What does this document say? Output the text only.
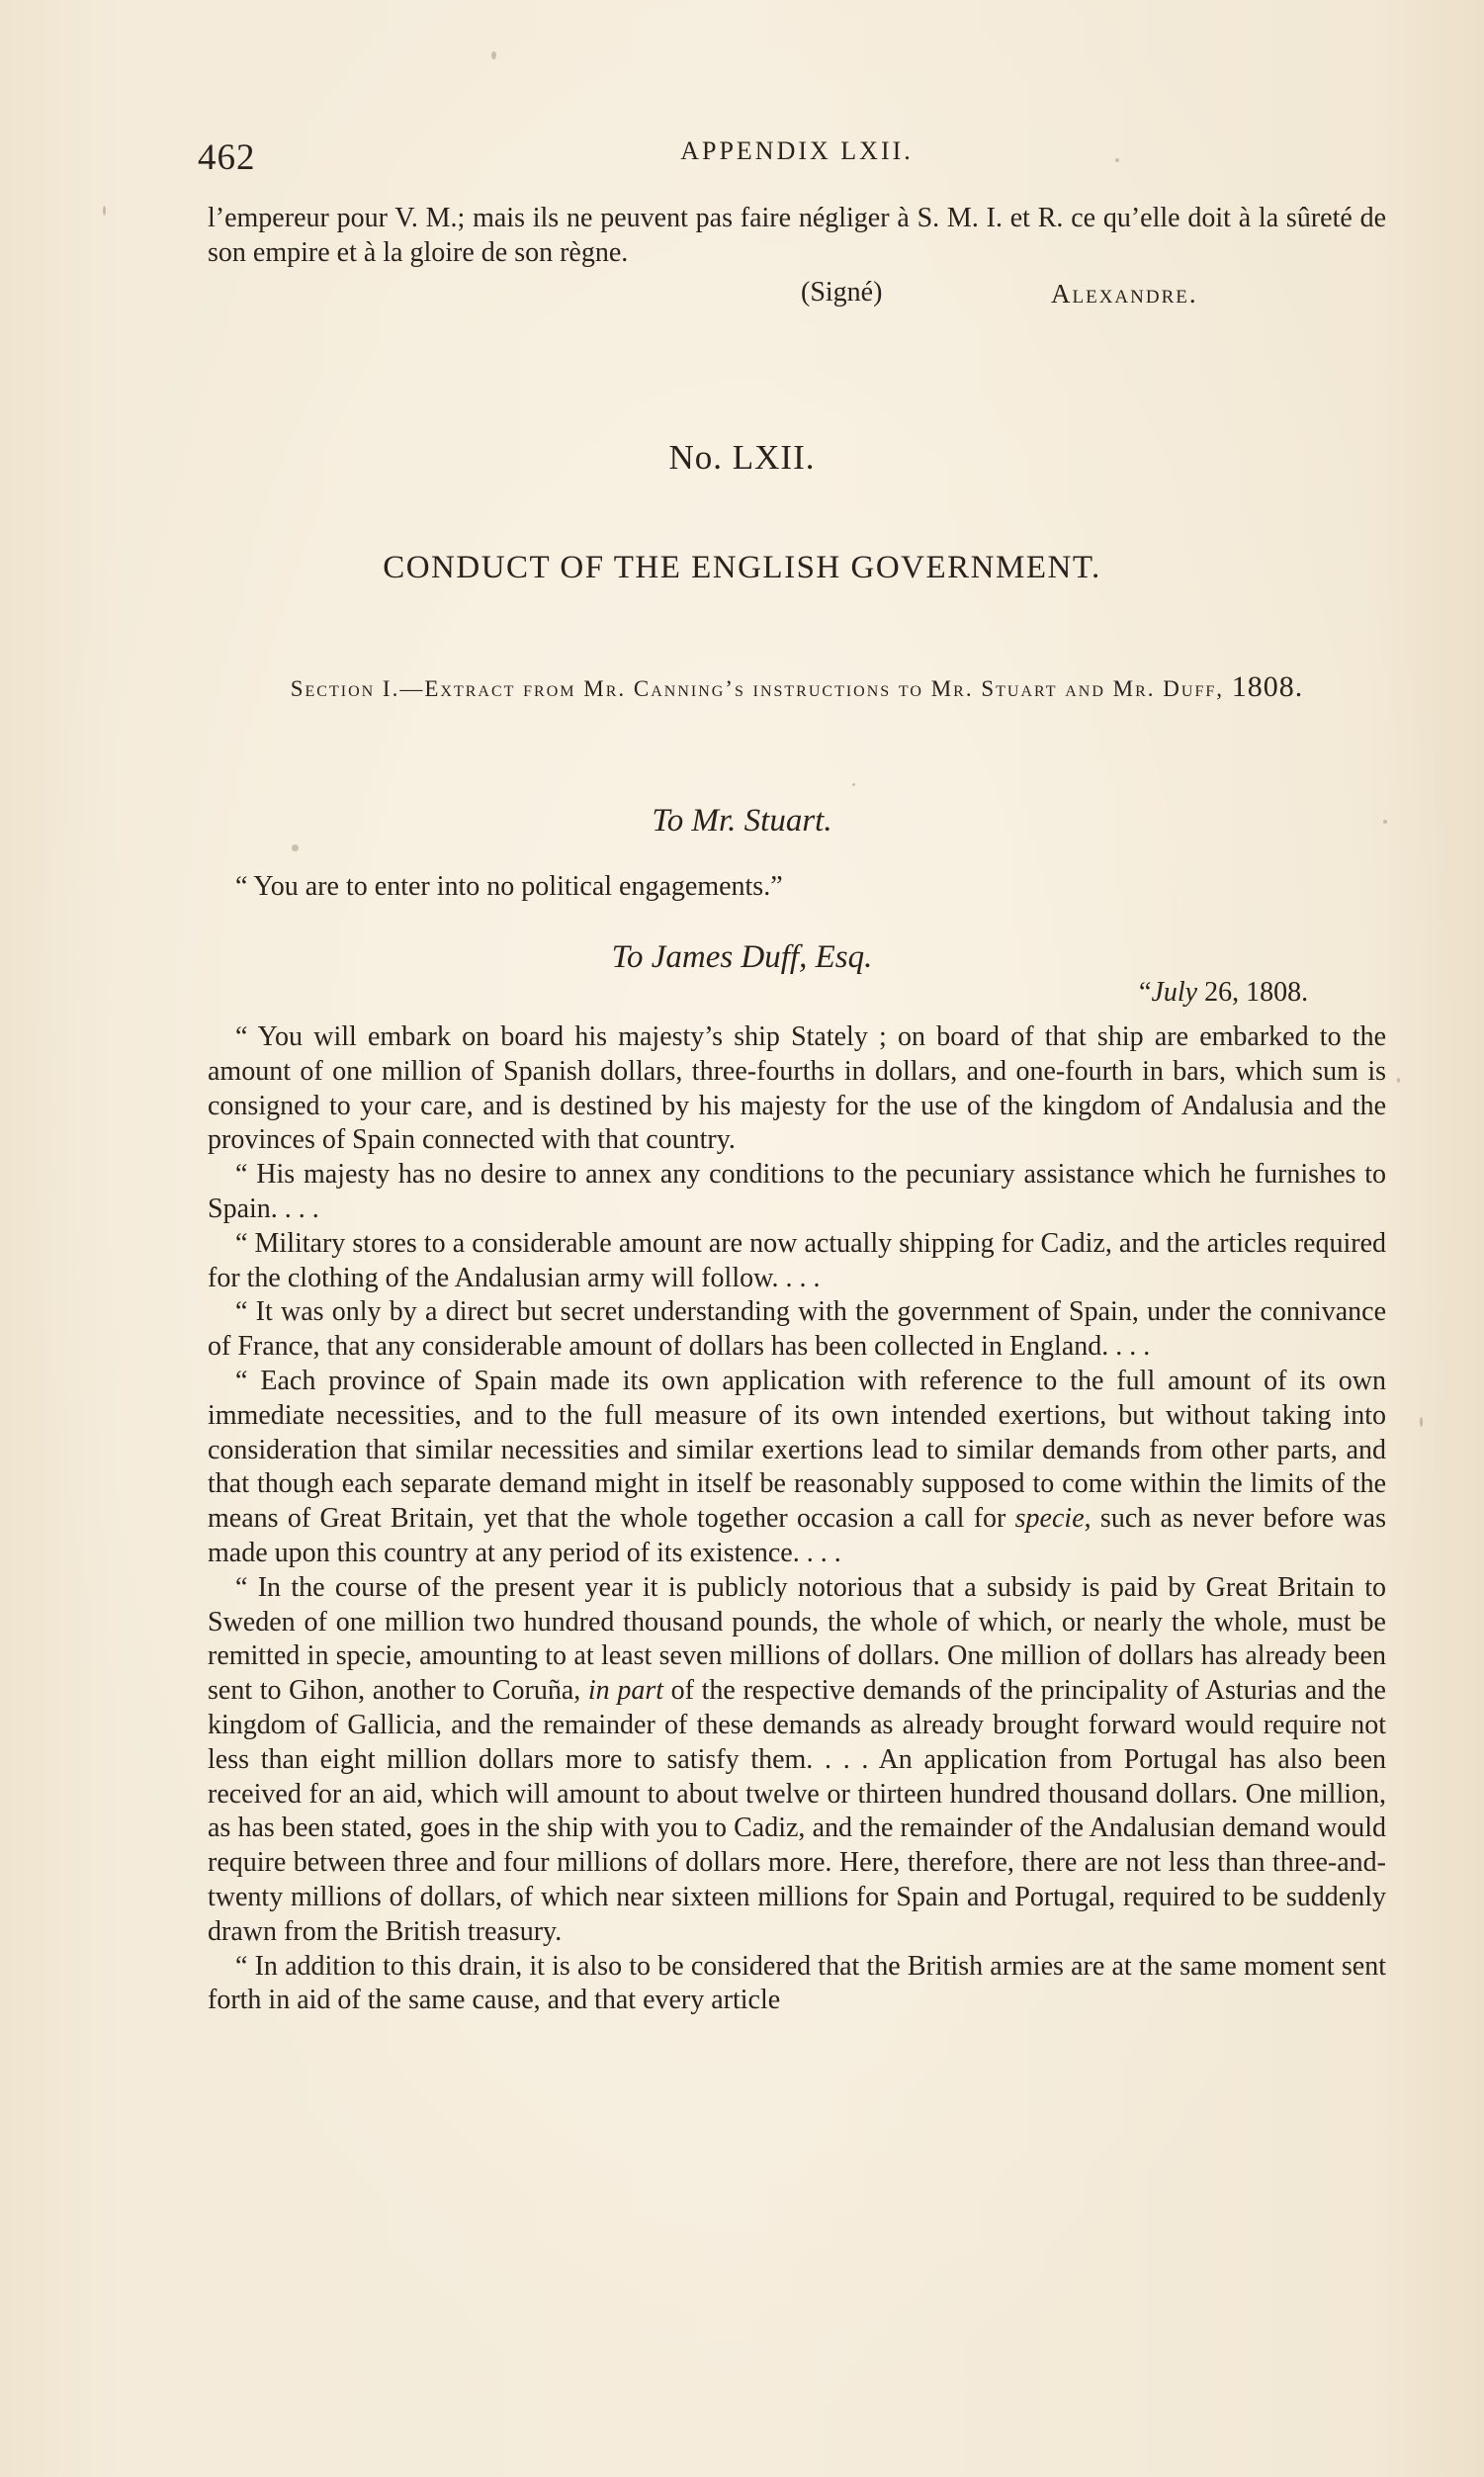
462	APPENDIX LXII.

l’empereur pour V. M.; mais ils ne peuvent pas faire négliger à S. M. I. et R. ce qu’elle doit à la sûreté de son empire et à la gloire de son règne.

(Signé)	Alexandre.
No. LXII.
CONDUCT OF THE ENGLISH GOVERNMENT.
Section I.—Extract from Mr. Canning’s instructions to Mr. Stuart and Mr. Duff, 1808.
To Mr. Stuart.

“ You are to enter into no political engagements.”

To James Duff, Esq.
“July 26, 1808.

“ You will embark on board his majesty’s ship Stately ; on board of that ship are embarked to the amount of one million of Spanish dollars, three-fourths in dollars, and one-fourth in bars, which sum is consigned to your care, and is destined by his majesty for the use of the kingdom of Andalusia and the provinces of Spain connected with that country.

“ His majesty has no desire to annex any conditions to the pecuniary assistance which he furnishes to Spain. . . .

“ Military stores to a considerable amount are now actually shipping for Cadiz, and the articles required for the clothing of the Andalusian army will follow. . . .

“ It was only by a direct but secret understanding with the government of Spain, under the connivance of France, that any considerable amount of dollars has been collected in England. . . .

“ Each province of Spain made its own application with reference to the full amount of its own immediate necessities, and to the full measure of its own intended exertions, but without taking into consideration that similar necessities and similar exertions lead to similar demands from other parts, and that though each separate demand might in itself be reasonably supposed to come within the limits of the means of Great Britain, yet that the whole together occasion a call for specie, such as never before was made upon this country at any period of its existence. . . .

“ In the course of the present year it is publicly notorious that a subsidy is paid by Great Britain to Sweden of one million two hundred thousand pounds, the whole of which, or nearly the whole, must be remitted in specie, amounting to at least seven millions of dollars. One million of dollars has already been sent to Gihon, another to Coruña, in part of the respective demands of the principality of Asturias and the kingdom of Gallicia, and the remainder of these demands as already brought forward would require not less than eight million dollars more to satisfy them. . . . An application from Portugal has also been received for an aid, which will amount to about twelve or thirteen hundred thousand dollars. One million, as has been stated, goes in the ship with you to Cadiz, and the remainder of the Andalusian demand would require between three and four millions of dollars more. Here, therefore, there are not less than three-and-twenty millions of dollars, of which near sixteen millions for Spain and Portugal, required to be suddenly drawn from the British treasury.

“ In addition to this drain, it is also to be considered that the British armies are at the same moment sent forth in aid of the same cause, and that every article
